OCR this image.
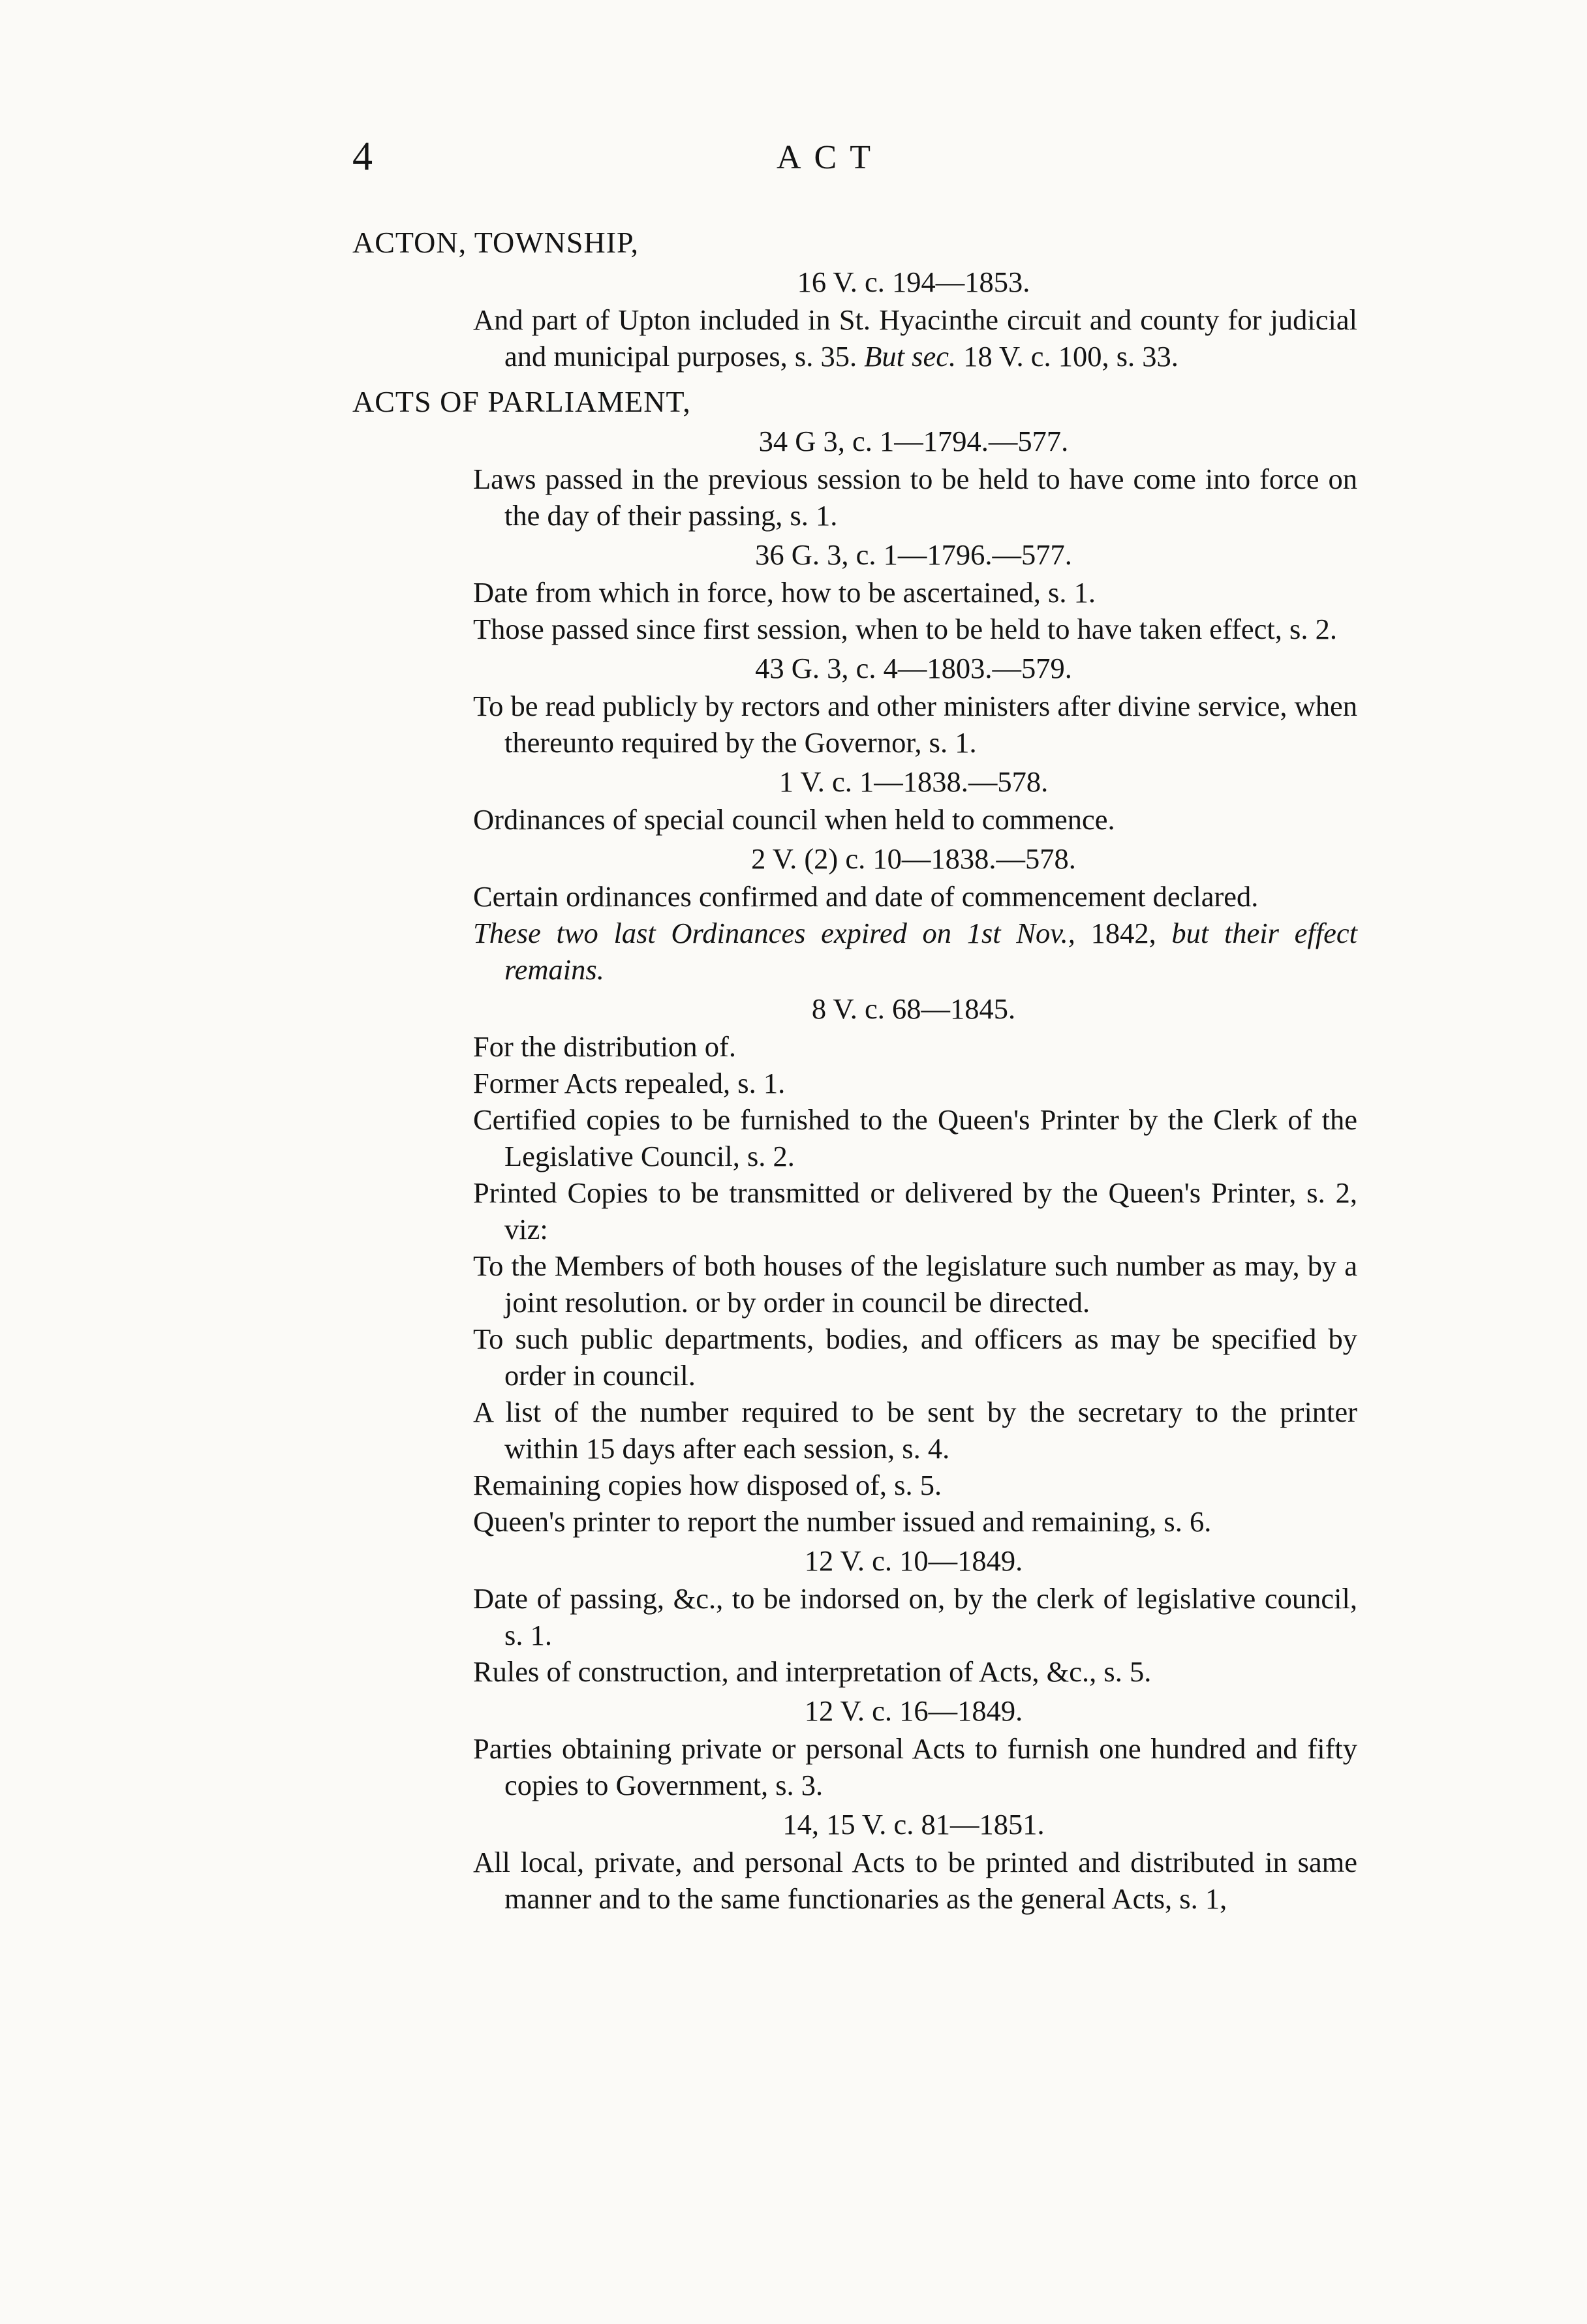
4	ACT
ACTON, TOWNSHIP,
16 V. c. 194—1853.

And part of Upton included in St. Hyacinthe circuit and county for judicial and municipal purposes, s. 35. But sec. 18 V. c. 100, s. 33.

ACTS OF PARLIAMENT,
34 G 3, c. 1—1794.—577.

Laws passed in the previous session to be held to have come into force on the day of their passing, s. 1.

36 G. 3, c. 1—1796.—577.

Date from which in force, how to be ascertained, s. 1.

Those passed since first session, when to be held to have taken effect, s. 2.

43 G. 3, c. 4—1803.—579.

To be read publicly by rectors and other ministers after divine service, when thereunto required by the Governor, s. 1.

1 V. c. 1—1838.—578.

Ordinances of special council when held to commence.

2 V. (2) c. 10—1838.—578.

Certain ordinances confirmed and date of commencement declared.

These two last Ordinances expired on 1st Nov., 1842, but their effect remains.

8 V. c. 68—1845.

For the distribution of.

Former Acts repealed, s. 1.

Certified copies to be furnished to the Queen's Printer by the Clerk of the Legislative Council, s. 2.

Printed Copies to be transmitted or delivered by the Queen's Printer, s. 2, viz:

To the Members of both houses of the legislature such number as may, by a joint resolution. or by order in council be directed.

To such public departments, bodies, and officers as may be specified by order in council.

A list of the number required to be sent by the secretary to the printer within 15 days after each session, s. 4.

Remaining copies how disposed of, s. 5.

Queen's printer to report the number issued and remaining, s. 6.

12 V. c. 10—1849.

Date of passing, &c., to be indorsed on, by the clerk of legislative council, s. 1.

Rules of construction, and interpretation of Acts, &c., s. 5.

12 V. c. 16—1849.

Parties obtaining private or personal Acts to furnish one hundred and fifty copies to Government, s. 3.

14, 15 V. c. 81—1851.

All local, private, and personal Acts to be printed and distributed in same manner and to the same functionaries as the general Acts, s. 1,
